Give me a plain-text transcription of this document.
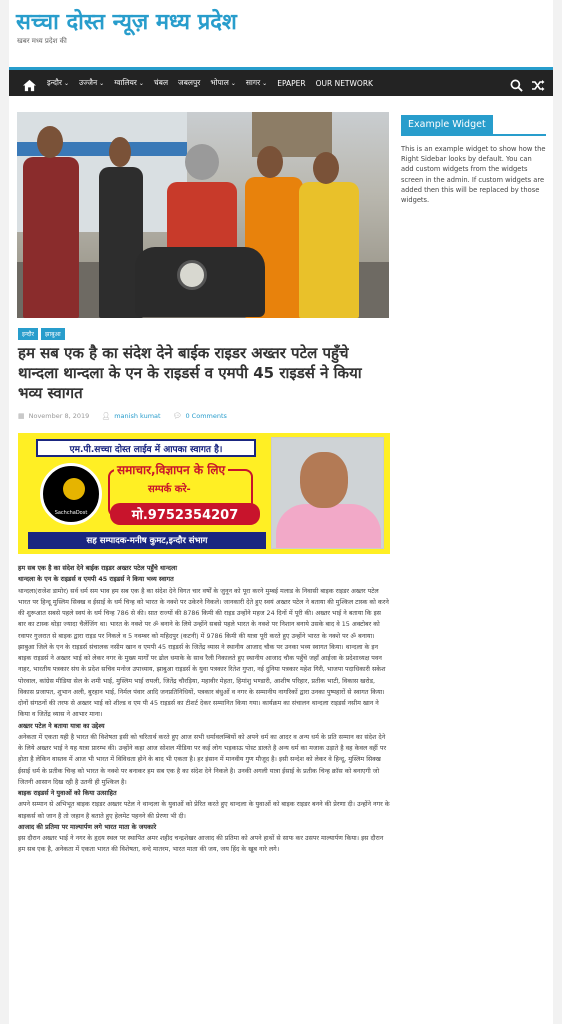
सच्चा दोस्त न्यूज़ मध्य प्रदेश
खबर मध्य प्रदेश की
इन्दौर ⌄ उज्जैन ⌄ ग्वालियर ⌄ चंबल जबलपुर भोपाल ⌄ सागर ⌄ EPAPER OUR NETWORK
इन्दौर	झाबुआ
हम सब एक है का संदेश देने बाईक राइडर अख्तर पटेल पहुँचे थान्दला थान्दला के एन के राइडर्स व एमपी 45 राइडर्स ने किया भव्य स्वागत
▦ November 8, 2019 👤︎ manish kumat 💬︎ 0 Comments
एम.पी.सच्चा दोस्त लाईव में आपका स्वागत है।
SachchaDost
समाचार,विज्ञापन के लिए
सम्पर्क करे-
मो.9752354207
सह सम्पादक-मनीष कुमट,इन्दौर संभाग

हम सब एक है का संदेश देने बाईक राइडर अख्तर पटेल पहुँचे थान्दला

थान्दला के एन के राइडर्स व एमपी 45 राइडर्स ने किया भव्य स्वागत

थान्दला(राजेश डामोर) सर्व धर्म सम भाव हम सब एक है का संदेश देने विगत चार वर्षों के जुनून को पूरा करने मुम्बई मलाड के निवासी बाइक राइडर अख्तर पटेल भारत पर हिन्दू मुस्लिम सिक्ख व ईसाई के धर्म चिन्ह को भारत के नक्शे पर उकेरने निकले। जानकारी देते हुए स्वयं अख्तर पटेल ने बताया की मुश्किल टास्क को करने की शुरूआत सबसे पहले स्वयं के धर्म चिन्ह 786 से की। सात राज्यों की 8786 किमी की राइड उन्होंने महज 24 दिनों में पूरी की। अख्तर भाई ने बताया कि इस बार का टास्क थोड़ा ज्यादा चैलेंजिंग था। भारत के नक्शे पर ॐ बनाने के लिये उन्होंने सबसे पहले भारत के नक्शे पर निशान बनाये उसके बाद वे 15 अक्टोबर को रवापर गुजरात से बाइक द्वारा राइड पर निकले व 5 नवम्बर को महिदपुर (कटनी) में 9786 किमी की यात्रा पूरी करते हुए उन्होंने भारत के नक्शे पर ॐ बनाया। झाबुआ जिले के एन के राइडर्स संचालक नसीम खान व एमपी 45 राइडर्स के जितेंद्र व्यास ने स्थानीय आजाद चौक पर उनका भव्य स्वागत किया। थान्दला के इन बाइक राइडर्स ने अख्तर भाई को लेकर नगर के मुख्य मार्गों पर ढोल धमाके के साथ रैली निकालते हुए स्थानीय आजाद चौक पहुँचे जहाँ आईजा के प्रदेशाध्यक्ष पवन नाहर, भारतीय पत्रकार संघ के प्रदेश सचिव मनोज उपाध्याय, झाबुआ राइडर्स के युवा पत्रकार रितेश गुप्ता, नई दुनिया पत्रकार महेश गिरी, भाजपा पदाधिकारी सकेश पोरवाल, कांग्रेस मीडिया सेल के शमी भाई, मुस्लिम भाई रायली, जितेंद्र चौरड़िया, महावीर मेहता, हिमांशु भण्डारी, आशीष परिहार, प्रतीक भाटी, विकास खरोड, विकास प्रजापत, शुभान अली, बुरहान भाई, निर्मल पंवार आदि जनप्रतिनिधियों, पत्रकार बंधुओं व नगर के सम्मानीय नागरिकों द्वारा उनका पुष्पहारों से स्वागत किया। दोनों संगठनों की तरफ से अख्तर भाई को शील्ड व एम पी 45 राइडर्स का टीशर्ट देकर सम्मानित किया गया। कार्यक्रम का संचालन थान्दला राइडर्स नसीम खान ने किया व जितेंद्र व्यास ने आभार माना।

अख्तर पटेल ने बताया यात्रा का उद्देश्य

अनेकता में एकता यही है भारत की विशेषता इसी को चरितार्थ करते हुए आज सभी धर्मावलम्बियों को अपने धर्म का आदर व अन्य धर्म के प्रति सम्मान का संदेश देने के लिये अख्तर भाई ने यह यात्रा प्रारम्भ की। उन्होंने कहा आज सोशल मीडिया पर कई लोग भड़काऊ पोस्ट डालते है अन्य धर्म का मजाक उड़ाते है वह केवल वहीं पर होता है लेकिन वास्तव में आज भी भारत में विविधता होने के बाद भी एकता है। हर इंसान में मानवीय गुण मौजूद है। इसी सन्देश को लेकर वे हिन्दू, मुस्लिम सिक्ख ईसाई धर्म के प्रतीक चिन्ह को भारत के नक्शे पर बनाकर हम सब एक है का संदेश देने निकले है। उनकी अगली यात्रा ईसाई के प्रतीक चिन्ह क्रॉस को बनाएगी जो जितनी आसान दिख रही है उतनी ही मुश्किल है।

बाइक राइडर्स ने युवाओं को किया उत्साहित

अपने सम्मान से अभिभूत बाइक राइडर अख्तर पटेल ने थान्दला के युवाओं को प्रेरित करते हुए थान्दला के युवाओं को बाइक राइडर बनने की प्रेरणा दी। उन्होंने नगर के बाइकर्स को जान है तो जहान है बताते हुए हेलमेट पहनने की प्रेरणा भी दी।

आजाद की प्रतिमा पर माल्यार्पण लगे भारत माता के जयकारे

इस दौरान अख्तर भाई ने नगर के हृदय स्थल पर स्थापित अमर शहीद चन्द्रशेखर आजाद की प्रतिमा को अपने हाथों से साफ कर उसपर माल्यार्पण किया। इस दौरान हम सब एक है, अनेकता में एकता भारत की विशेषता, वन्दे मातरम, भारत माता की जय, जय हिंद के खूब नारे लगे।

Example Widget
This is an example widget to show how the Right Sidebar looks by default. You can add custom widgets from the widgets screen in the admin. If custom widgets are added then this will be replaced by those widgets.
